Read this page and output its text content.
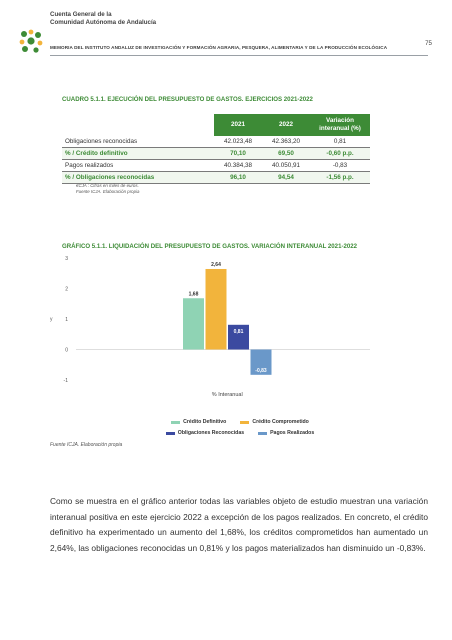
Cuenta General de la
Comunidad Autónoma de Andalucía
75
MEMORIA DEL INSTITUTO ANDALUZ DE INVESTIGACIÓN Y FORMACIÓN AGRARIA, PESQUERA, ALIMENTARIA Y DE LA PRODUCCIÓN ECOLÓGICA
CUADRO 5.1.1. EJECUCIÓN DEL PRESUPUESTO DE GASTOS. EJERCICIOS 2021-2022
	2021	2022	Variación interanual (%)
Obligaciones reconocidas	42.023,48	42.363,20	0,81
% / Crédito definitivo	70,10	69,50	-0,60 p.p.
Pagos realizados	40.384,38	40.050,91	-0,83
% / Obligaciones reconocidas	96,10	94,54	-1,56 p.p.
€CJA : Cifras en miles de euros.
Fuente IСJA. Elaboración propia
GRÁFICO 5.1.1. LIQUIDACIÓN DEL PRESUPUESTO DE GASTOS. VARIACIÓN INTERANUAL 2021-2022
-1
0
1
2
3
1,68
2,64
0,81
-0,83
y
% Interanual
Crédito Definitivo	Crédito Comprometido
Obligaciones Reconocidas	Pagos Realizados
Fuente ICJA. Elaboración propia
Como se muestra en el gráfico anterior todas las variables objeto de estudio muestran una variación interanual positiva en este ejercicio 2022 a excepción de los pagos realizados. En concreto, el crédito definitivo ha experimentado un aumento del 1,68%, los créditos comprometidos han aumentado un 2,64%, las obligaciones reconocidas un 0,81% y los pagos materializados han disminuido un -0,83%.
